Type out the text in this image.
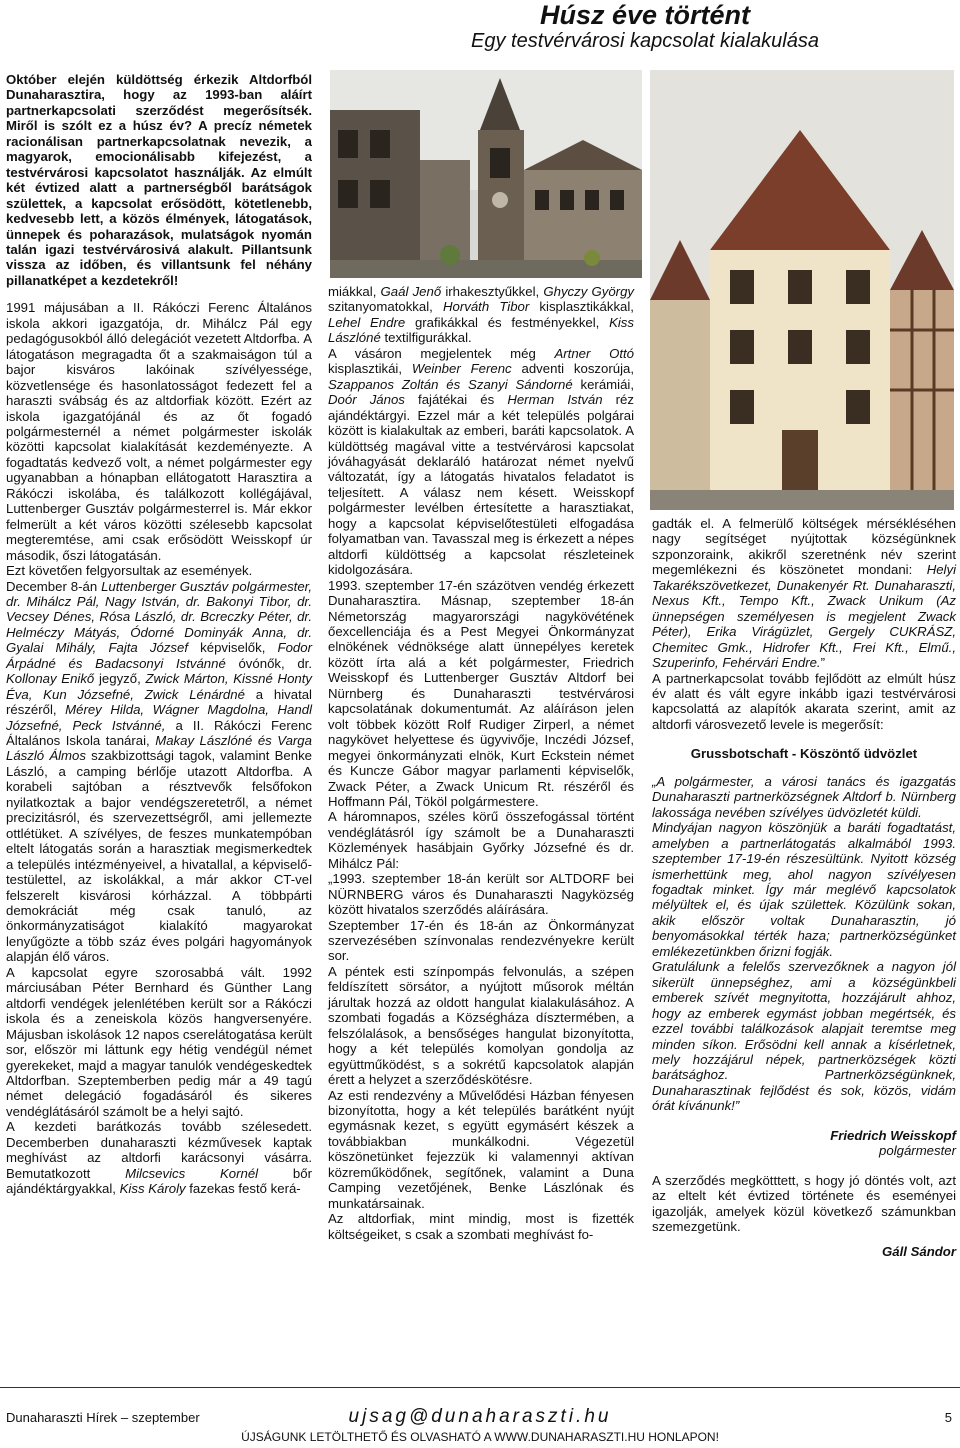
Húsz éve történt
Egy testvérvárosi kapcsolat kialakulása

Október elején küldöttség érkezik Altdorfból Dunaharasztira, hogy az 1993-ban aláírt partnerkapcsolati szerződést megerősítsék. Miről is szólt ez a húsz év? A precíz németek racionálisan partnerkapcsolatnak nevezik, a magyarok, emocionálisabb kifejezést, a testvérvárosi kapcsolatot használják. Az elmúlt két évtized alatt a partnerségből barátságok születtek, a kapcsolat erősödött, kötetlenebb, kedvesebb lett, a közös élmények, látogatások, ünnepek és poharazások, mulatságok nyomán talán igazi testvérvárosivá alakult. Pillantsunk vissza az időben, és villantsunk fel néhány pillanatképet a kezdetekről!

1991 májusában a II. Rákóczi Ferenc Általános iskola akkori igazgatója, dr. Mihálcz Pál egy pedagógusokból álló delegációt vezetett Altdorfba. A látogatáson megragadta őt a szakmaiságon túl a bajor kisváros lakóinak szívélyessége, közvetlensége és hasonlatosságot fedezett fel a haraszti svábság és az altdorfiak között. Ezért az iskola igazgatójánál és az őt fogadó polgármesternél a német polgármester iskolák közötti kapcsolat kialakítását kezdeményezte. A fogadtatás kedvező volt, a német polgármester egy ugyanabban a hónapban ellátogatott Harasztira a Rákóczi iskolába, és találkozott kollégájával, Luttenberger Gusztáv polgármesterrel is. Már ekkor felmerült a két város közötti szélesebb kapcsolat megteremtése, ami csak erősödött Weisskopf úr második, őszi látogatásán.

Ezt követően felgyorsultak az események.

December 8-án Luttenberger Gusztáv polgármester, dr. Mihálcz Pál, Nagy István, dr. Bakonyi Tibor, dr. Vecsey Dénes, Rósa László, dr. Bcreczky Péter, dr. Helméczy Mátyás, Ódorné Dominyák Anna, dr. Gyalai Mihály, Fajta József képviselők, Fodor Árpádné és Badacsonyi Istvánné óvónők, dr. Kollonay Enikő jegyző, Zwick Márton, Kissné Honty Éva, Kun Józsefné, Zwick Lénárdné a hivatal részéről, Mérey Hilda, Wágner Magdolna, Handl Józsefné, Peck Istvánné, a II. Rákóczi Ferenc Általános Iskola tanárai, Makay Lászlóné és Varga László Álmos szakbizottsági tagok, valamint Benke László, a camping bérlője utazott Altdorfba. A korabeli sajtóban a résztvevők felsőfokon nyilatkoztak a bajor vendégszeretetről, a német precizitásról, és szervezettségről, ami jellemezte ottlétüket. A szívélyes, de feszes munkatempóban eltelt látogatás során a harasztiak megismerkedtek a település intézményeivel, a hivatallal, a képviselő-testülettel, az iskolákkal, a már akkor CT-vel felszerelt kisvárosi kórházzal. A többpárti demokráciát még csak tanuló, az önkormányzatiságot kialakító magyarokat lenyűgözte a több száz éves polgári hagyományok alapján élő város.

A kapcsolat egyre szorosabbá vált. 1992 márciusában Péter Bernhard és Günther Lang altdorfi vendégek jelenlétében került sor a Rákóczi iskola és a zeneiskola közös hangversenyére. Májusban iskolások 12 napos cserelátogatása került sor, először mi láttunk egy hétig vendégül német gyerekeket, majd a magyar tanulók vendégeskedtek Altdorfban. Szeptemberben pedig már a 49 tagú német delegáció fogadásáról és sikeres vendéglátásáról számolt be a helyi sajtó.

A kezdeti barátkozás tovább szélesedett. Decemberben dunaharaszti kézművesek kaptak meghívást az altdorfi karácsonyi vásárra. Bemutatkozott Milcsevics Kornél bőr ajándéktárgyakkal, Kiss Károly fazekas festő kerá-

miákkal, Gaál Jenő irhakesztyűkkel, Ghyczy György szitanyomatokkal, Horváth Tibor kisplasztikákkal, Lehel Endre grafikákkal és festményekkel, Kiss Lászlóné textilfigurákkal.

A vásáron megjelentek még Artner Ottó kisplasztikái, Weinber Ferenc adventi koszorúja, Szappanos Zoltán és Szanyi Sándorné kerámiái, Doór János fajátékai és Herman István réz ajándéktárgyi. Ezzel már a két település polgárai között is kialakultak az emberi, baráti kapcsolatok. A küldöttség magával vitte a testvérvárosi kapcsolat jóváhagyását deklaráló határozat német nyelvű változatát, így a látogatás hivatalos feladatot is teljesített. A válasz nem késett. Weisskopf polgármester levélben értesítette a harasztiakat, hogy a kapcsolat képviselőtestületi elfogadása folyamatban van. Tavasszal meg is érkezett a népes altdorfi küldöttség a kapcsolat részleteinek kidolgozására.

1993. szeptember 17-én százötven vendég érkezett Dunaharasztira. Másnap, szeptember 18-án Németország magyarországi nagykövétének őexcellenciája és a Pest Megyei Önkormányzat elnökének védnöksége alatt ünnepélyes keretek között írta alá a két polgármester, Friedrich Weisskopf és Luttenberger Gusztáv Altdorf bei Nürnberg és Dunaharaszti testvérvárosi kapcsolatának dokumentumát. Az aláíráson jelen volt többek között Rolf Rudiger Zirperl, a német nagykövet helyettese és ügyvivője, Inczédi József, megyei önkormányzati elnök, Kurt Eckstein német és Kuncze Gábor magyar parlamenti képviselők, Zwack Péter, a Zwack Unicum Rt. részéről és Hoffmann Pál, Tököl polgármestere.

A háromnapos, széles körű összefogással történt vendéglátásról így számolt be a Dunaharaszti Közlemények hasábjain Győrky Józsefné és dr. Mihálcz Pál:

„1993. szeptember 18-án került sor ALTDORF bei NÜRNBERG város és Dunaharaszti Nagyközség között hivatalos szerződés aláírására.

Szeptember 17-én és 18-án az Önkormányzat szervezésében színvonalas rendezvényekre került sor.

A péntek esti színpompás felvonulás, a szépen feldíszített sörsátor, a nyújtott műsorok méltán járultak hozzá az oldott hangulat kialakulásához. A szombati fogadás a Községháza dísztermében, a felszólalások, a bensőséges hangulat bizonyította, hogy a két település komolyan gondolja az együttműködést, s a sokrétű kapcsolatok alapján érett a helyzet a szerződéskötésre.

Az esti rendezvény a Művelődési Házban fényesen bizonyította, hogy a két település barátként nyújt egymásnak kezet, s együtt egymásért készek a továbbiakban munkálkodni. Végezetül köszönetünket fejezzük ki valamennyi aktívan közreműködőnek, segítőnek, valamint a Duna Camping vezetőjének, Benke Lászlónak és munkatársainak.

Az altdorfiak, mint mindig, most is fizették költségeiket, s csak a szombati meghívást fo-

gadták el. A felmerülő költségek mérsékléséhen nagy segítséget nyújtottak községünknek szponzoraink, akikről szeretnénk név szerint megemlékezni és köszönetet mondani: Helyi Takarékszövetkezet, Dunakenyér Rt. Dunaharaszti, Nexus Kft., Tempo Kft., Zwack Unikum (Az ünnepségen személyesen is megjelent Zwack Péter), Erika Virágüzlet, Gergely CUKRÁSZ, Chemitec Gmk., Hidrofer Kft., Frei Kft., Elmű., Szuperinfo, Fehérvári Endre.”

A partnerkapcsolat tovább fejlődött az elmúlt húsz év alatt és vált egyre inkább igazi testvérvárosi kapcsolattá az alapítók akarata szerint, amit az altdorfi városvezető levele is megerősít:

Grussbotschaft - Köszöntő üdvözlet

„A polgármester, a városi tanács és igazgatás Dunaharaszti partnerközségnek Altdorf b. Nürnberg lakossága nevében szívélyes üdvözletét küldi.

Mindyájan nagyon köszönjük a baráti fogadtatást, amelyben a partnerlátogatás alkalmából 1993. szeptember 17-19-én részesültünk. Nyitott község ismerhettünk meg, ahol nagyon szívélyesen fogadtak minket. Így már meglévő kapcsolatok mélyültek el, és újak születtek. Közülünk sokan, akik először voltak Dunaharasztin, jó benyomásokkal térték haza; partnerközségünket emlékezetünkben őrizni fogják.

Gratulálunk a felelős szervezőknek a nagyon jól sikerült ünnepséghez, ami a községünkbeli emberek szívét megnyitotta, hozzájárult ahhoz, hogy az emberek egymást jobban megértsék, és ezzel további találkozások alapjait teremtse meg minden síkon. Erősödni kell annak a kísérletnek, mely hozzájárul népek, partnerközségek közti barátsághoz. Partnerközségünknek, Dunaharasztinak fejlődést és sok, közös, vidám órát kívánunk!”

Friedrich Weisskopf

polgármester

A szerződés megkötttett, s hogy jó döntés volt, azt az eltelt két évtized története és eseményei igazolják, amelyek közül következő számunkban szemezgetünk.

Gáll Sándor

Dunaharaszti Hírek – szeptember	ujsag@dunaharaszti.hu	5
ÚJSÁGUNK LETÖLTHETŐ ÉS OLVASHATÓ A WWW.DUNAHARASZTI.HU HONLAPON!
